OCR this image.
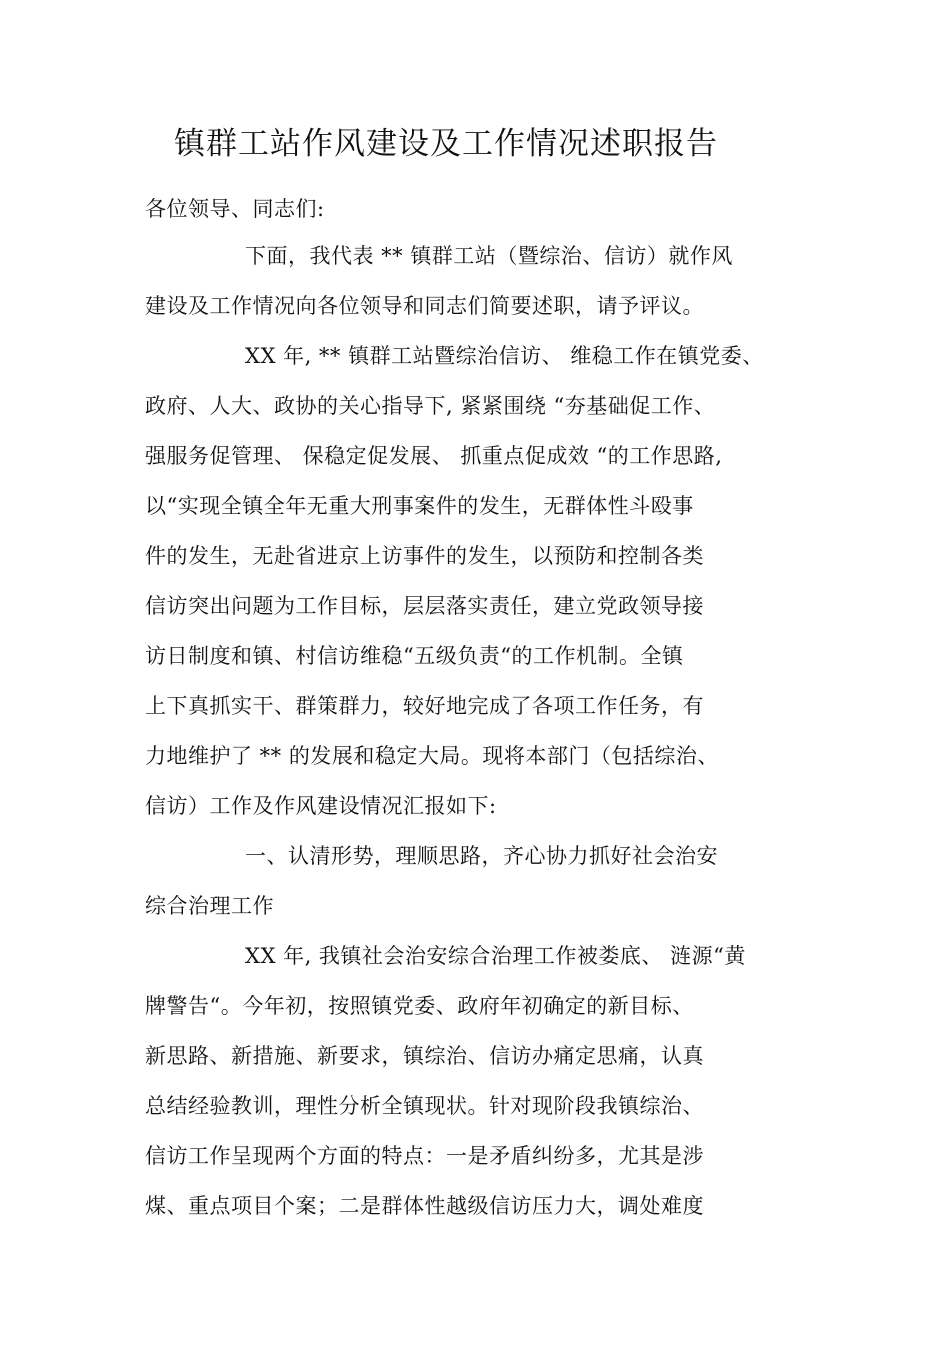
镇群工站作风建设及工作情况述职报告
各位领导、同志们:
下面，我代表 ** 镇群工站（暨综治、信访）就作风
建设及工作情况向各位领导和同志们简要述职，请予评议。
XX 年, ** 镇群工站暨综治信访、 维稳工作在镇党委、
政府、人大、政协的关心指导下, 紧紧围绕 “夯基础促工作、
强服务促管理、 保稳定促发展、 抓重点促成效 “的工作思路,
以“实现全镇全年无重大刑事案件的发生，无群体性斗殴事
件的发生，无赴省进京上访事件的发生，以预防和控制各类
信访突出问题为工作目标，层层落实责任，建立党政领导接
访日制度和镇、村信访维稳“五级负责“的工作机制。全镇
上下真抓实干、群策群力，较好地完成了各项工作任务，有
力地维护了 ** 的发展和稳定大局。现将本部门（包括综治、
信访）工作及作风建设情况汇报如下:
一、认清形势，理顺思路，齐心协力抓好社会治安
综合治理工作
XX 年, 我镇社会治安综合治理工作被娄底、 涟源“黄
牌警告“。今年初，按照镇党委、政府年初确定的新目标、
新思路、新措施、新要求，镇综治、信访办痛定思痛，认真
总结经验教训，理性分析全镇现状。针对现阶段我镇综治、
信访工作呈现两个方面的特点：一是矛盾纠纷多，尤其是涉
煤、重点项目个案；二是群体性越级信访压力大，调处难度
